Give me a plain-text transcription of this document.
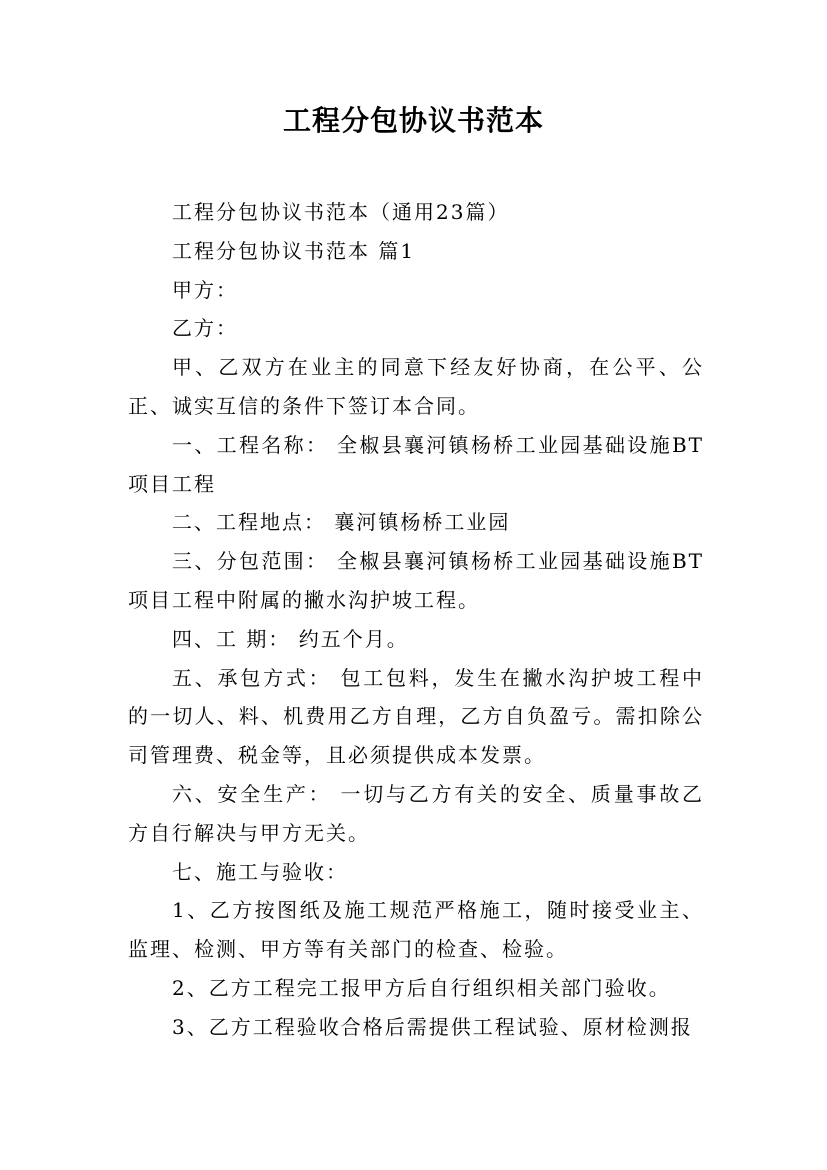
工程分包协议书范本

工程分包协议书范本（通用23篇）

工程分包协议书范本 篇1

甲方：

乙方：

甲、乙双方在业主的同意下经友好协商，在公平、公正、诚实互信的条件下签订本合同。

一、工程名称： 全椒县襄河镇杨桥工业园基础设施BT项目工程

二、工程地点： 襄河镇杨桥工业园

三、分包范围： 全椒县襄河镇杨桥工业园基础设施BT项目工程中附属的撇水沟护坡工程。

四、工 期： 约五个月。

五、承包方式： 包工包料，发生在撇水沟护坡工程中的一切人、料、机费用乙方自理，乙方自负盈亏。需扣除公司管理费、税金等，且必须提供成本发票。

六、安全生产： 一切与乙方有关的安全、质量事故乙方自行解决与甲方无关。

七、施工与验收：

1、乙方按图纸及施工规范严格施工，随时接受业主、监理、检测、甲方等有关部门的检查、检验。

2、乙方工程完工报甲方后自行组织相关部门验收。

3、乙方工程验收合格后需提供工程试验、原材检测报
